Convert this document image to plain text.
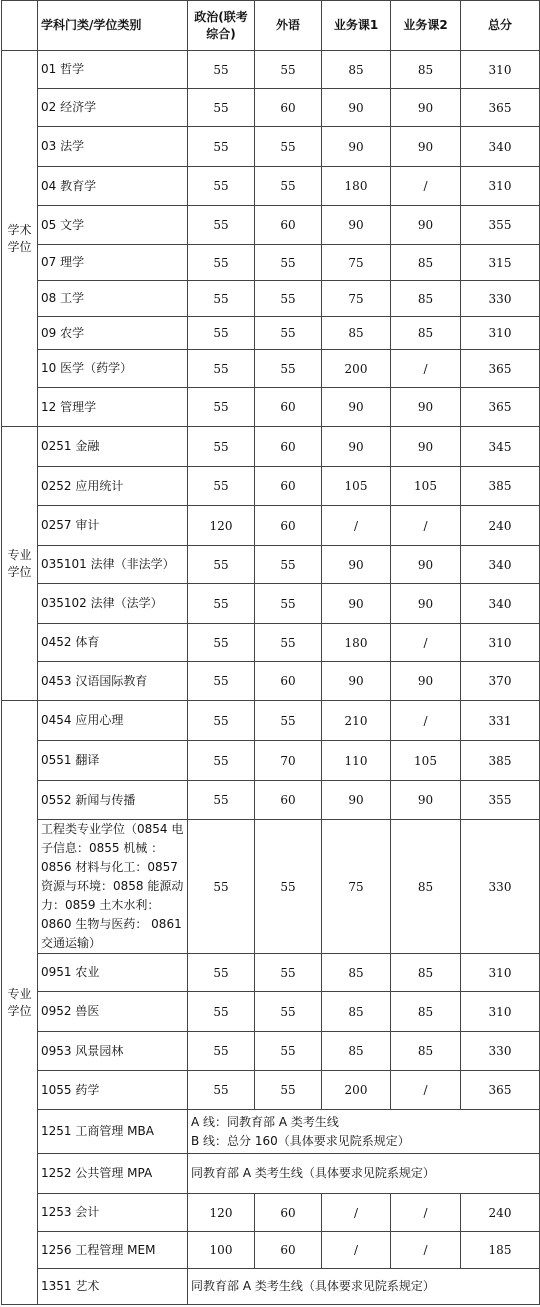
	学科门类/学位类别	政治(联考综合)	外语	业务课1	业务课2	总分
学术学位	01 哲学	55	55	85	85	310
	02 经济学	55	60	90	90	365
	03 法学	55	55	90	90	340
	04 教育学	55	55	180	/	310
	05 文学	55	60	90	90	355
	07 理学	55	55	75	85	315
	08 工学	55	55	75	85	330
	09 农学	55	55	85	85	310
	10 医学（药学）	55	55	200	/	365
	12 管理学	55	60	90	90	365
专业学位	0251 金融	55	60	90	90	345
	0252 应用统计	55	60	105	105	385
	0257 审计	120	60	/	/	240
	035101 法律（非法学）	55	55	90	90	340
	035102 法律（法学）	55	55	90	90	340
	0452 体育	55	55	180	/	310
	0453 汉语国际教育	55	60	90	90	370
专业学位	0454 应用心理	55	55	210	/	331
	0551 翻译	55	70	110	105	385
	0552 新闻与传播	55	60	90	90	355
	工程类专业学位（0854 电子信息：0855 机械 ：0856 材料与化工：0857 资源与环境：0858 能源动力：0859 土木水利：0860 生物与医药： 0861 交通运输）	55	55	75	85	330
	0951 农业	55	55	85	85	310
	0952 兽医	55	55	85	85	310
	0953 风景园林	55	55	85	85	330
	1055 药学	55	55	200	/	365
	1251 工商管理 MBA	A 线：同教育部 A 类考生线
B 线：总分 160（具体要求见院系规定）				

	1252 公共管理 MPA	同教育部 A 类考生线（具体要求见院系规定）				
	1253 会计	120	60	/	/	240
	1256 工程管理 MEM	100	60	/	/	185
	1351 艺术	同教育部 A 类考生线（具体要求见院系规定）				
